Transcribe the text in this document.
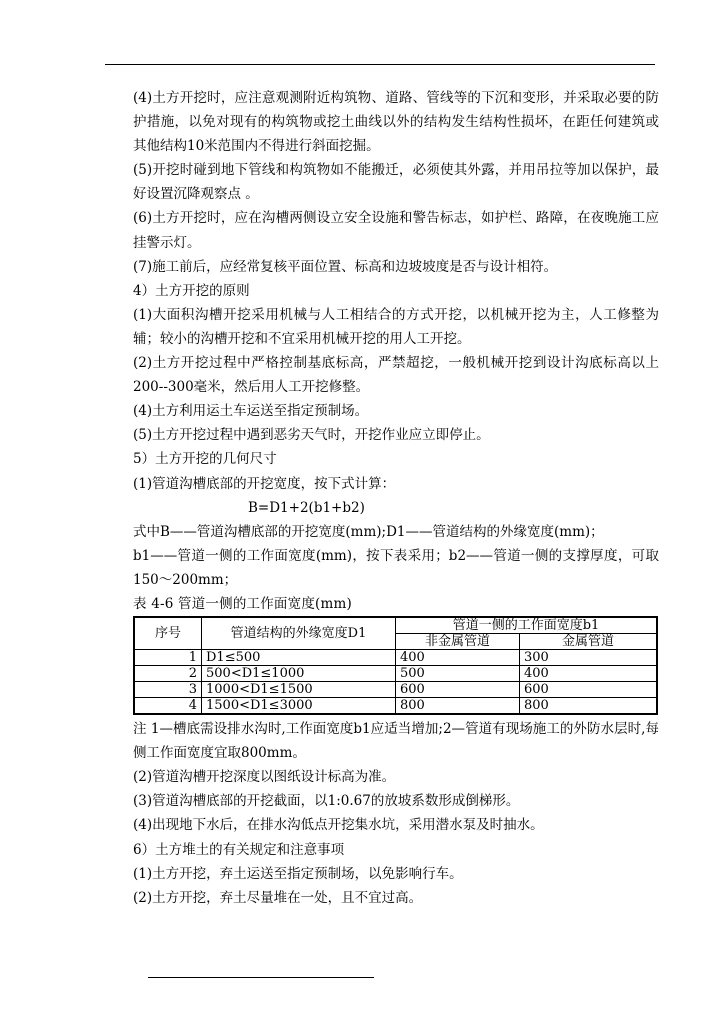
(4)土方开挖时，应注意观测附近构筑物、道路、管线等的下沉和变形，并采取必要的防护措施，以免对现有的构筑物或挖土曲线以外的结构发生结构性损坏，在距任何建筑或其他结构10米范围内不得进行斜面挖掘。

(5)开挖时碰到地下管线和构筑物如不能搬迁，必须使其外露，并用吊拉等加以保护，最好设置沉降观察点 。

(6)土方开挖时，应在沟槽两侧设立安全设施和警告标志，如护栏、路障，在夜晚施工应挂警示灯。

(7)施工前后，应经常复核平面位置、标高和边坡坡度是否与设计相符。

4）土方开挖的原则

(1)大面积沟槽开挖采用机械与人工相结合的方式开挖，以机械开挖为主，人工修整为辅；较小的沟槽开挖和不宜采用机械开挖的用人工开挖。

(2)土方开挖过程中严格控制基底标高，严禁超挖，一般机械开挖到设计沟底标高以上200--300毫米，然后用人工开挖修整。

(4)土方利用运土车运送至指定预制场。

(5)土方开挖过程中遇到恶劣天气时，开挖作业应立即停止。

5）土方开挖的几何尺寸

(1)管道沟槽底部的开挖宽度，按下式计算：

B=D1+2(b1+b2)

式中B——管道沟槽底部的开挖宽度(mm);D1——管道结构的外缘宽度(mm)；

b1——管道一侧的工作面宽度(mm)，按下表采用；b2——管道一侧的支撑厚度，可取150～200mm；

表 4-6 管道一侧的工作面宽度(mm)

序号	管道结构的外缘宽度D1	管道一侧的工作面宽度b1	
		非金属管道	金属管道
1	D1≤500	400	300
2	500<D1≤1000	500	400
3	1000<D1≤1500	600	600
4	1500<D1≤3000	800	800

注 1—槽底需设排水沟时,工作面宽度b1应适当增加;2—管道有现场施工的外防水层时,每侧工作面宽度宜取800mm。

(2)管道沟槽开挖深度以图纸设计标高为准。

(3)管道沟槽底部的开挖截面，以1:0.67的放坡系数形成倒梯形。

(4)出现地下水后，在排水沟低点开挖集水坑，采用潜水泵及时抽水。

6）土方堆土的有关规定和注意事项

(1)土方开挖，弃土运送至指定预制场，以免影响行车。

(2)土方开挖，弃土尽量堆在一处，且不宜过高。
